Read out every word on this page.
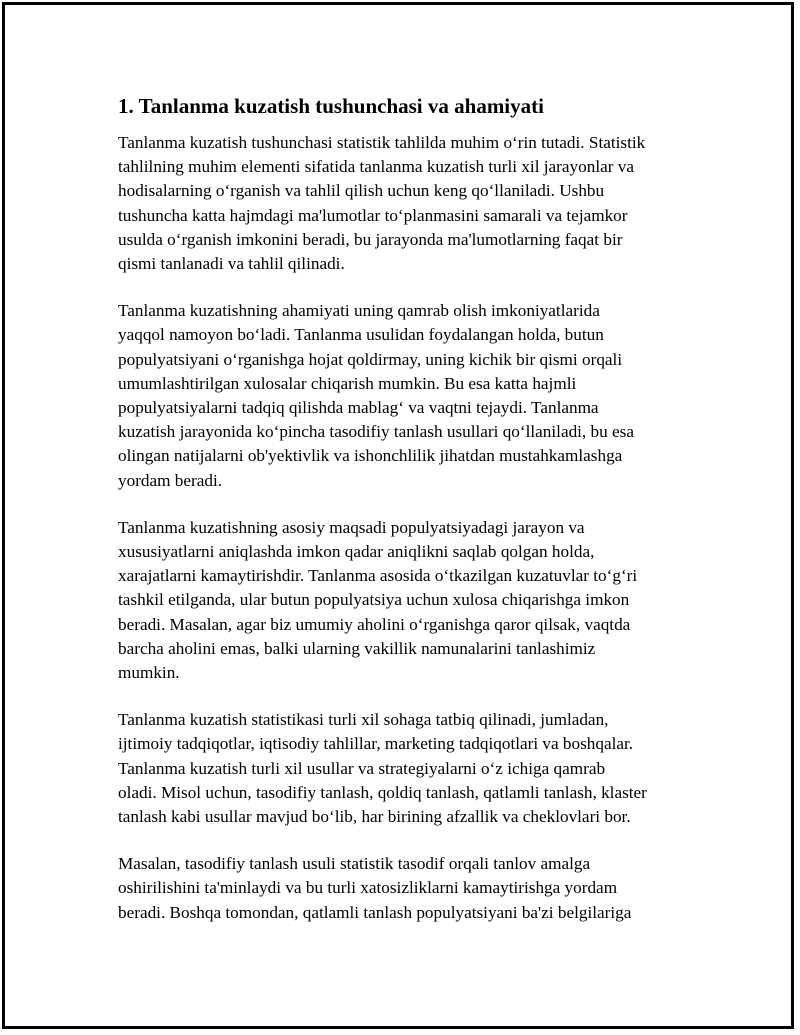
1. Tanlanma kuzatish tushunchasi va ahamiyati

Tanlanma kuzatish tushunchasi statistik tahlilda muhim o‘rin tutadi. Statistik
tahlilning muhim elementi sifatida tanlanma kuzatish turli xil jarayonlar va
hodisalarning o‘rganish va tahlil qilish uchun keng qo‘llaniladi. Ushbu
tushuncha katta hajmdagi ma'lumotlar to‘planmasini samarali va tejamkor
usulda o‘rganish imkonini beradi, bu jarayonda ma'lumotlarning faqat bir
qismi tanlanadi va tahlil qilinadi.

Tanlanma kuzatishning ahamiyati uning qamrab olish imkoniyatlarida
yaqqol namoyon bo‘ladi. Tanlanma usulidan foydalangan holda, butun
populyatsiyani o‘rganishga hojat qoldirmay, uning kichik bir qismi orqali
umumlashtirilgan xulosalar chiqarish mumkin. Bu esa katta hajmli
populyatsiyalarni tadqiq qilishda mablag‘ va vaqtni tejaydi. Tanlanma
kuzatish jarayonida ko‘pincha tasodifiy tanlash usullari qo‘llaniladi, bu esa
olingan natijalarni ob'yektivlik va ishonchlilik jihatdan mustahkamlashga
yordam beradi.

Tanlanma kuzatishning asosiy maqsadi populyatsiyadagi jarayon va
xususiyatlarni aniqlashda imkon qadar aniqlikni saqlab qolgan holda,
xarajatlarni kamaytirishdir. Tanlanma asosida o‘tkazilgan kuzatuvlar to‘g‘ri
tashkil etilganda, ular butun populyatsiya uchun xulosa chiqarishga imkon
beradi. Masalan, agar biz umumiy aholini o‘rganishga qaror qilsak, vaqtda
barcha aholini emas, balki ularning vakillik namunalarini tanlashimiz
mumkin.

Tanlanma kuzatish statistikasi turli xil sohaga tatbiq qilinadi, jumladan,
ijtimoiy tadqiqotlar, iqtisodiy tahlillar, marketing tadqiqotlari va boshqalar.
Tanlanma kuzatish turli xil usullar va strategiyalarni o‘z ichiga qamrab
oladi. Misol uchun, tasodifiy tanlash, qoldiq tanlash, qatlamli tanlash, klaster
tanlash kabi usullar mavjud bo‘lib, har birining afzallik va cheklovlari bor.

Masalan, tasodifiy tanlash usuli statistik tasodif orqali tanlov amalga
oshirilishini ta'minlaydi va bu turli xatosizliklarni kamaytirishga yordam
beradi. Boshqa tomondan, qatlamli tanlash populyatsiyani ba'zi belgilariga
